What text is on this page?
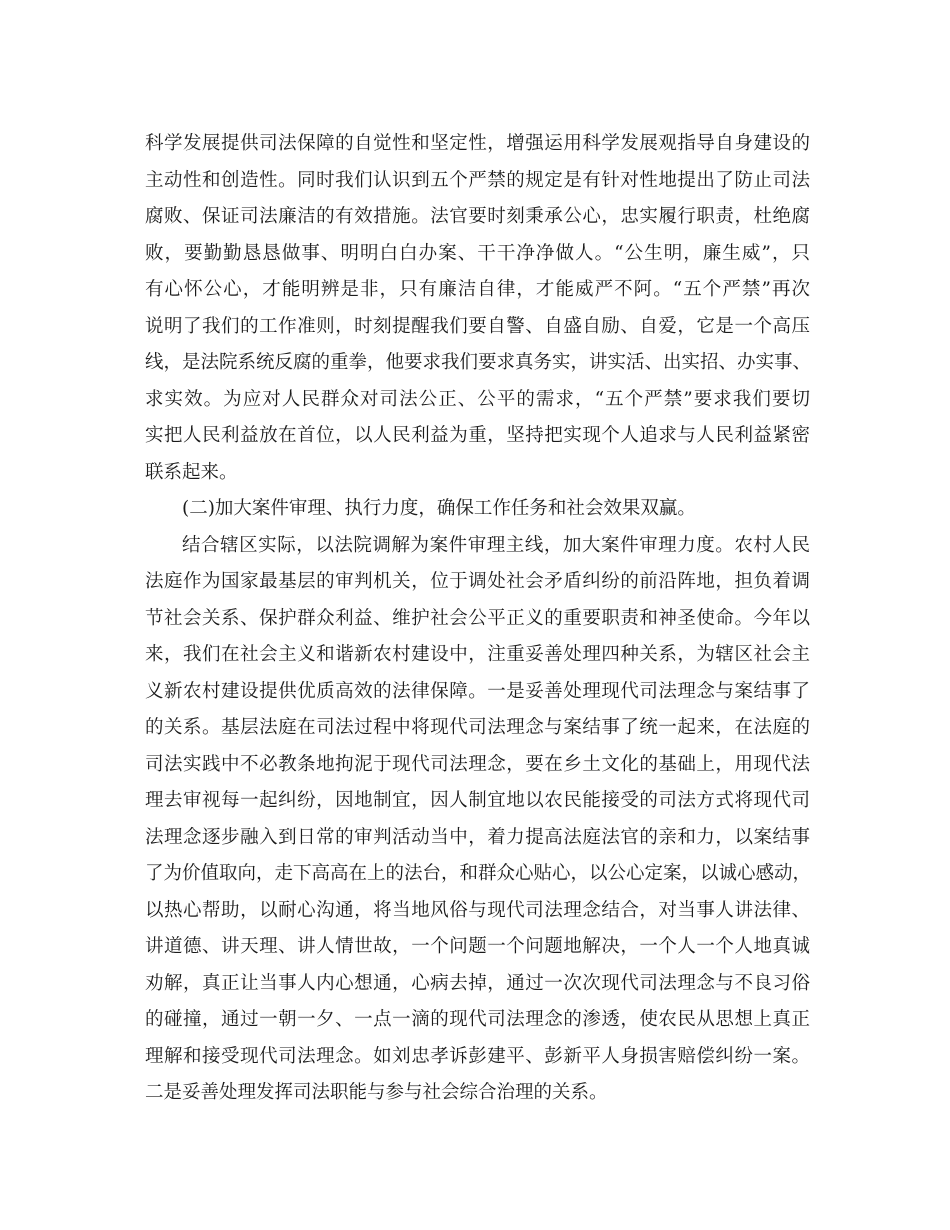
科学发展提供司法保障的自觉性和坚定性，增强运用科学发展观指导自身建设的
主动性和创造性。同时我们认识到五个严禁的规定是有针对性地提出了防止司法
腐败、保证司法廉洁的有效措施。法官要时刻秉承公心，忠实履行职责，杜绝腐
败，要勤勤恳恳做事、明明白白办案、干干净净做人。“公生明，廉生威”，只
有心怀公心，才能明辨是非，只有廉洁自律，才能威严不阿。“五个严禁”再次
说明了我们的工作准则，时刻提醒我们要自警、自盛自励、自爱，它是一个高压
线，是法院系统反腐的重拳，他要求我们要求真务实，讲实活、出实招、办实事、
求实效。为应对人民群众对司法公正、公平的需求，“五个严禁”要求我们要切
实把人民利益放在首位，以人民利益为重，坚持把实现个人追求与人民利益紧密
联系起来。
(二)加大案件审理、执行力度，确保工作任务和社会效果双赢。
结合辖区实际，以法院调解为案件审理主线，加大案件审理力度。农村人民
法庭作为国家最基层的审判机关，位于调处社会矛盾纠纷的前沿阵地，担负着调
节社会关系、保护群众利益、维护社会公平正义的重要职责和神圣使命。今年以
来，我们在社会主义和谐新农村建设中，注重妥善处理四种关系，为辖区社会主
义新农村建设提供优质高效的法律保障。一是妥善处理现代司法理念与案结事了
的关系。基层法庭在司法过程中将现代司法理念与案结事了统一起来，在法庭的
司法实践中不必教条地拘泥于现代司法理念，要在乡土文化的基础上，用现代法
理去审视每一起纠纷，因地制宜，因人制宜地以农民能接受的司法方式将现代司
法理念逐步融入到日常的审判活动当中，着力提高法庭法官的亲和力，以案结事
了为价值取向，走下高高在上的法台，和群众心贴心，以公心定案，以诚心感动，
以热心帮助，以耐心沟通，将当地风俗与现代司法理念结合，对当事人讲法律、
讲道德、讲天理、讲人情世故，一个问题一个问题地解决，一个人一个人地真诚
劝解，真正让当事人内心想通，心病去掉，通过一次次现代司法理念与不良习俗
的碰撞，通过一朝一夕、一点一滴的现代司法理念的渗透，使农民从思想上真正
理解和接受现代司法理念。如刘忠孝诉彭建平、彭新平人身损害赔偿纠纷一案。
二是妥善处理发挥司法职能与参与社会综合治理的关系。
